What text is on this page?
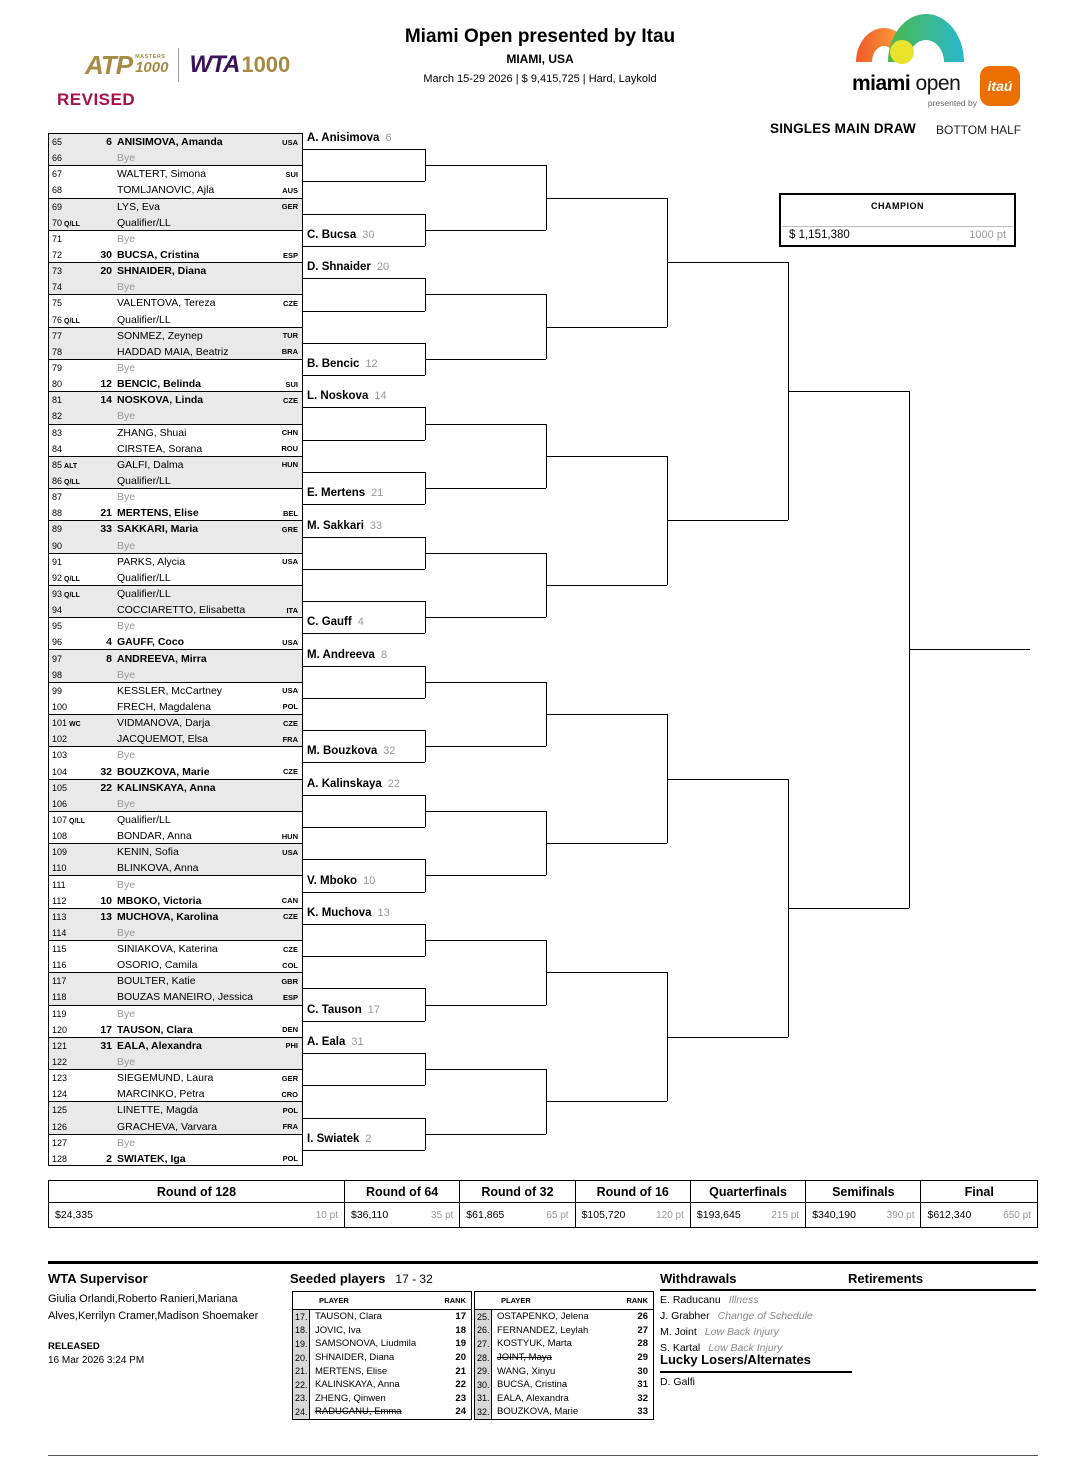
ATP MASTERS
1000 WTA 1000
REVISED
Miami Open presented by Itau
MIAMI, USA
March 15-29 2026 | $ 9,415,725 | Hard, Laykold	miami open
presented by
itaú
SINGLES MAIN DRAW BOTTOM HALF
CHAMPION
$ 1,151,380	1000 pt
65	6 ANISIMOVA, Amanda	USA
66	Bye
67	WALTERT, Simona	SUI
68	TOMLJANOVIC, Ajla	AUS
69	LYS, Eva	GER
70 Q/LL	Qualifier/LL
71	Bye
72	30 BUCSA, Cristina	ESP
73	20 SHNAIDER, Diana
74	Bye
75	VALENTOVA, Tereza	CZE
76 Q/LL	Qualifier/LL
77	SONMEZ, Zeynep	TUR
78	HADDAD MAIA, Beatriz	BRA
79	Bye
80	12 BENCIC, Belinda	SUI
81	14 NOSKOVA, Linda	CZE
82	Bye
83	ZHANG, Shuai	CHN
84	CIRSTEA, Sorana	ROU
85 ALT	GALFI, Dalma	HUN
86 Q/LL	Qualifier/LL
87	Bye
88	21 MERTENS, Elise	BEL
89	33 SAKKARI, Maria	GRE
90	Bye
91	PARKS, Alycia	USA
92 Q/LL	Qualifier/LL
93 Q/LL	Qualifier/LL
94	COCCIARETTO, Elisabetta	ITA
95	Bye
96	4 GAUFF, Coco	USA
97	8 ANDREEVA, Mirra
98	Bye
99	KESSLER, McCartney	USA
100	FRECH, Magdalena	POL
101 WC	VIDMANOVA, Darja	CZE
102	JACQUEMOT, Elsa	FRA
103	Bye
104	32 BOUZKOVA, Marie	CZE
105	22 KALINSKAYA, Anna
106	Bye
107 Q/LL	Qualifier/LL
108	BONDAR, Anna	HUN
109	KENIN, Sofia	USA
110	BLINKOVA, Anna
111	Bye
112	10 MBOKO, Victoria	CAN
113	13 MUCHOVA, Karolina	CZE
114	Bye
115	SINIAKOVA, Katerina	CZE
116	OSORIO, Camila	COL
117	BOULTER, Katie	GBR
118	BOUZAS MANEIRO, Jessica	ESP
119	Bye
120	17 TAUSON, Clara	DEN
121	31 EALA, Alexandra	PHI
122	Bye
123	SIEGEMUND, Laura	GER
124	MARCINKO, Petra	CRO
125	LINETTE, Magda	POL
126	GRACHEVA, Varvara	FRA
127	Bye
128	2 SWIATEK, Iga	POL
A. Anisimova 6
C. Bucsa 30
D. Shnaider 20
B. Bencic 12
L. Noskova 14
E. Mertens 21
M. Sakkari 33
C. Gauff 4
M. Andreeva 8
M. Bouzkova 32
A. Kalinskaya 22
V. Mboko 10
K. Muchova 13
C. Tauson 17
A. Eala 31
I. Swiatek 2
Round of 128
$24,335	10 pt
Round of 64
$36,110	35 pt
Round of 32
$61,865	65 pt
Round of 16
$105,720	120 pt
Quarterfinals
$193,645	215 pt
Semifinals
$340,190	390 pt
Final
$612,340	650 pt
WTA Supervisor
Giulia Orlandi,Roberto Ranieri,Mariana
Alves,Kerrilyn Cramer,Madison Shoemaker
RELEASED
16 Mar 2026 3:24 PM
Seeded players 17 - 32
PLAYER	RANK
17. TAUSON, Clara	17
18. JOVIC, Iva	18
19. SAMSONOVA, Liudmila	19
20. SHNAIDER, Diana	20
21. MERTENS, Elise	21
22. KALINSKAYA, Anna	22
23. ZHENG, Qinwen	23
24. RADUCANU, Emma	24
PLAYER	RANK
25. OSTAPENKO, Jelena	26
26. FERNANDEZ, Leylah	27
27. KOSTYUK, Marta	28
28. JOINT, Maya	29
29. WANG, Xinyu	30
30. BUCSA, Cristina	31
31. EALA, Alexandra	32
32. BOUZKOVA, Marie	33
Withdrawals
E. Raducanu Illness
J. Grabher Change of Schedule
M. Joint Low Back Injury
S. Kartal Low Back Injury
Retirements
Lucky Losers/Alternates
D. Galfi
